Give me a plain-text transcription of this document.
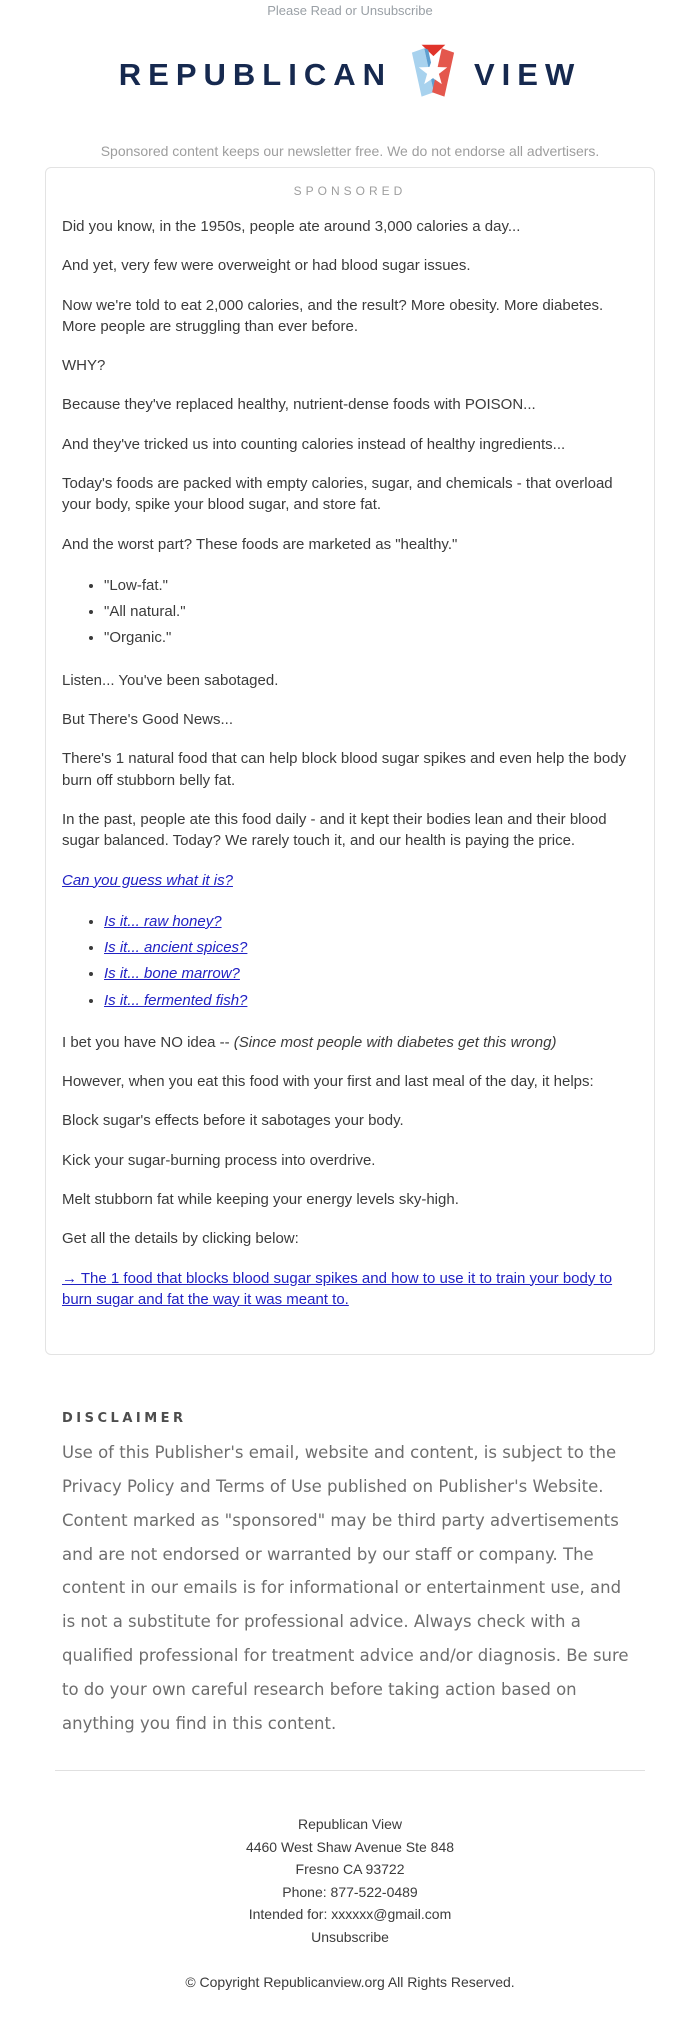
Please Read or Unsubscribe
REPUBLICAN	VIEW
Sponsored content keeps our newsletter free. We do not endorse all advertisers.
SPONSORED

Did you know, in the 1950s, people ate around 3,000 calories a day...

And yet, very few were overweight or had blood sugar issues.

Now we're told to eat 2,000 calories, and the result? More obesity. More diabetes. More people are struggling than ever before.

WHY?

Because they've replaced healthy, nutrient-dense foods with POISON...

And they've tricked us into counting calories instead of healthy ingredients...

Today's foods are packed with empty calories, sugar, and chemicals - that overload your body, spike your blood sugar, and store fat.

And the worst part? These foods are marketed as "healthy."

• "Low-fat."
• "All natural."
• "Organic."

Listen... You've been sabotaged.

But There's Good News...

There's 1 natural food that can help block blood sugar spikes and even help the body burn off stubborn belly fat.

In the past, people ate this food daily - and it kept their bodies lean and their blood sugar balanced. Today? We rarely touch it, and our health is paying the price.

Can you guess what it is?

• Is it... raw honey?
• Is it... ancient spices?
• Is it... bone marrow?
• Is it... fermented fish?

I bet you have NO idea -- (Since most people with diabetes get this wrong)

However, when you eat this food with your first and last meal of the day, it helps:

Block sugar's effects before it sabotages your body.

Kick your sugar-burning process into overdrive.

Melt stubborn fat while keeping your energy levels sky-high.

Get all the details by clicking below:

→ The 1 food that blocks blood sugar spikes and how to use it to train your body to burn sugar and fat the way it was meant to.

DISCLAIMER

Use of this Publisher's email, website and content, is subject to the Privacy Policy and Terms of Use published on Publisher's Website. Content marked as "sponsored" may be third party advertisements and are not endorsed or warranted by our staff or company. The content in our emails is for informational or entertainment use, and is not a substitute for professional advice. Always check with a qualified professional for treatment advice and/or diagnosis. Be sure to do your own careful research before taking action based on anything you find in this content.

Republican View
4460 West Shaw Avenue Ste 848
Fresno CA 93722
Phone: 877-522-0489
Intended for: xxxxxx@gmail.com
Unsubscribe
© Copyright Republicanview.org All Rights Reserved.
